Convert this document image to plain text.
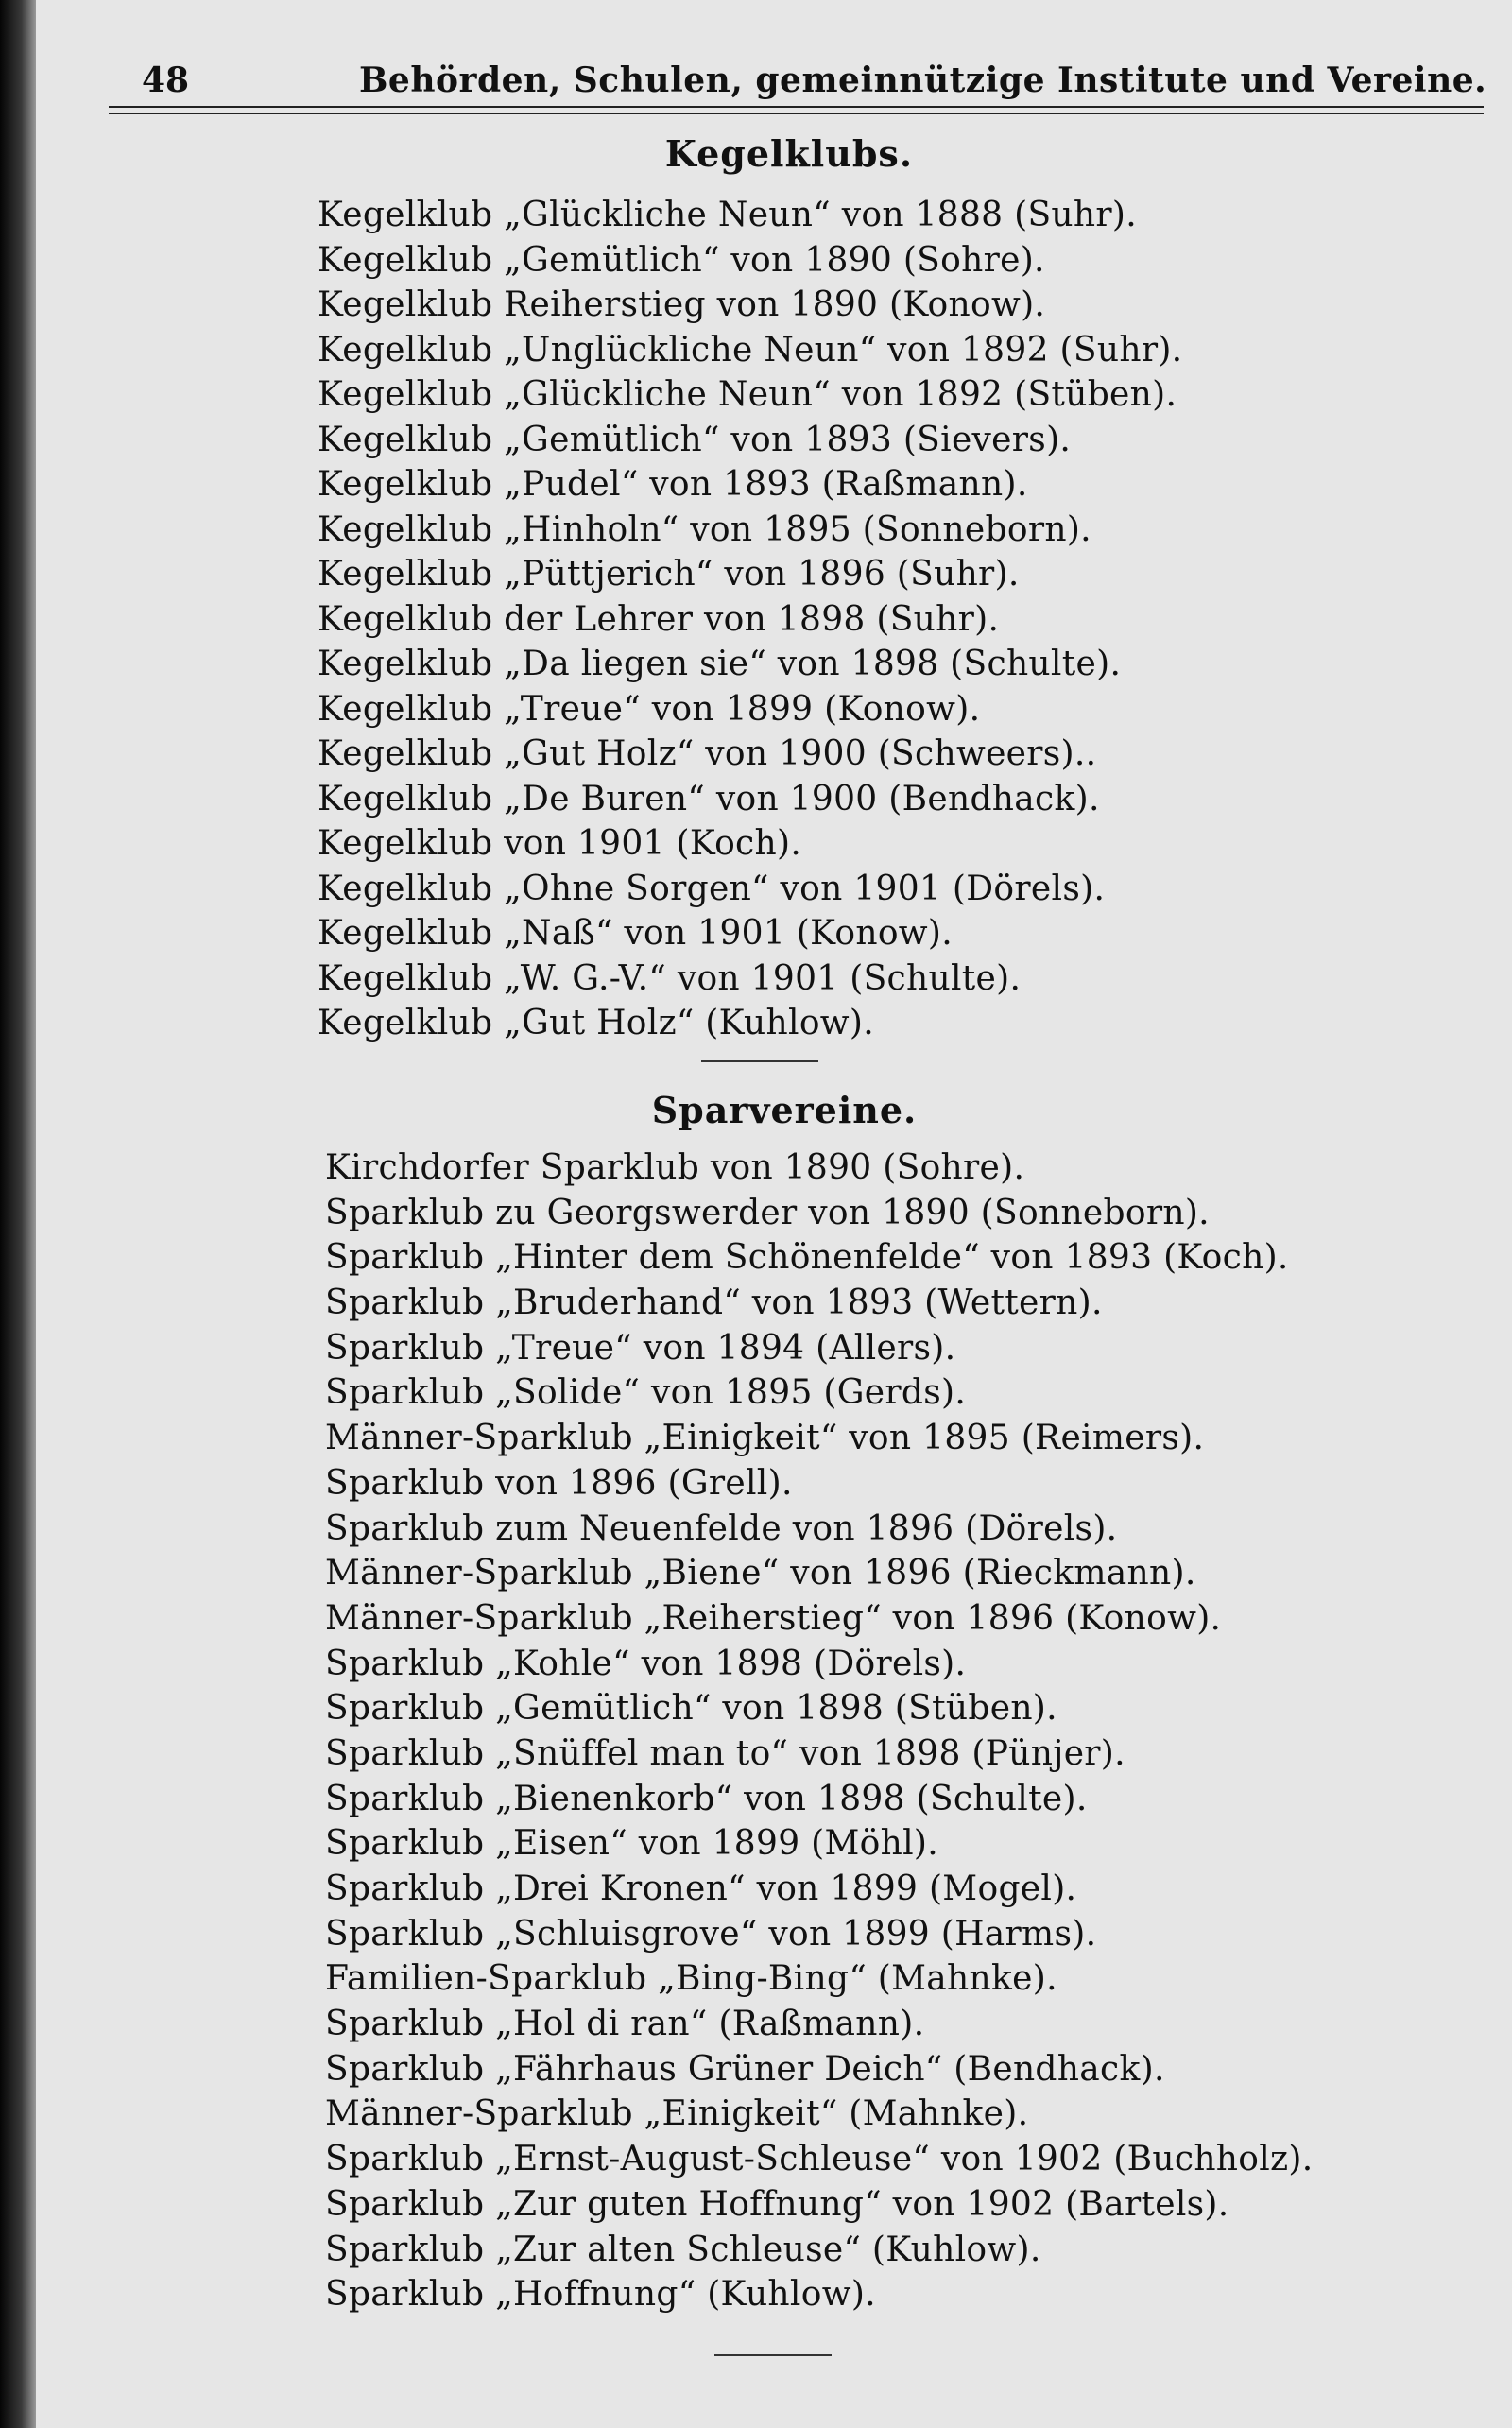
48	Behörden, Schulen, gemeinnützige Institute und Vereine.
Kegelklubs.
Kegelklub „Glückliche Neun“ von 1888 (Suhr).
Kegelklub „Gemütlich“ von 1890 (Sohre).
Kegelklub Reiherstieg von 1890 (Konow).
Kegelklub „Unglückliche Neun“ von 1892 (Suhr).
Kegelklub „Glückliche Neun“ von 1892 (Stüben).
Kegelklub „Gemütlich“ von 1893 (Sievers).
Kegelklub „Pudel“ von 1893 (Raßmann).
Kegelklub „Hinholn“ von 1895 (Sonneborn).
Kegelklub „Püttjerich“ von 1896 (Suhr).
Kegelklub der Lehrer von 1898 (Suhr).
Kegelklub „Da liegen sie“ von 1898 (Schulte).
Kegelklub „Treue“ von 1899 (Konow).
Kegelklub „Gut Holz“ von 1900 (Schweers)..
Kegelklub „De Buren“ von 1900 (Bendhack).
Kegelklub von 1901 (Koch).
Kegelklub „Ohne Sorgen“ von 1901 (Dörels).
Kegelklub „Naß“ von 1901 (Konow).
Kegelklub „W. G.-V.“ von 1901 (Schulte).
Kegelklub „Gut Holz“ (Kuhlow).
Sparvereine.
Kirchdorfer Sparklub von 1890 (Sohre).
Sparklub zu Georgswerder von 1890 (Sonneborn).
Sparklub „Hinter dem Schönenfelde“ von 1893 (Koch).
Sparklub „Bruderhand“ von 1893 (Wettern).
Sparklub „Treue“ von 1894 (Allers).
Sparklub „Solide“ von 1895 (Gerds).
Männer-Sparklub „Einigkeit“ von 1895 (Reimers).
Sparklub von 1896 (Grell).
Sparklub zum Neuenfelde von 1896 (Dörels).
Männer-Sparklub „Biene“ von 1896 (Rieckmann).
Männer-Sparklub „Reiherstieg“ von 1896 (Konow).
Sparklub „Kohle“ von 1898 (Dörels).
Sparklub „Gemütlich“ von 1898 (Stüben).
Sparklub „Snüffel man to“ von 1898 (Pünjer).
Sparklub „Bienenkorb“ von 1898 (Schulte).
Sparklub „Eisen“ von 1899 (Möhl).
Sparklub „Drei Kronen“ von 1899 (Mogel).
Sparklub „Schluisgrove“ von 1899 (Harms).
Familien-Sparklub „Bing-Bing“ (Mahnke).
Sparklub „Hol di ran“ (Raßmann).
Sparklub „Fährhaus Grüner Deich“ (Bendhack).
Männer-Sparklub „Einigkeit“ (Mahnke).
Sparklub „Ernst-August-Schleuse“ von 1902 (Buchholz).
Sparklub „Zur guten Hoffnung“ von 1902 (Bartels).
Sparklub „Zur alten Schleuse“ (Kuhlow).
Sparklub „Hoffnung“ (Kuhlow).
